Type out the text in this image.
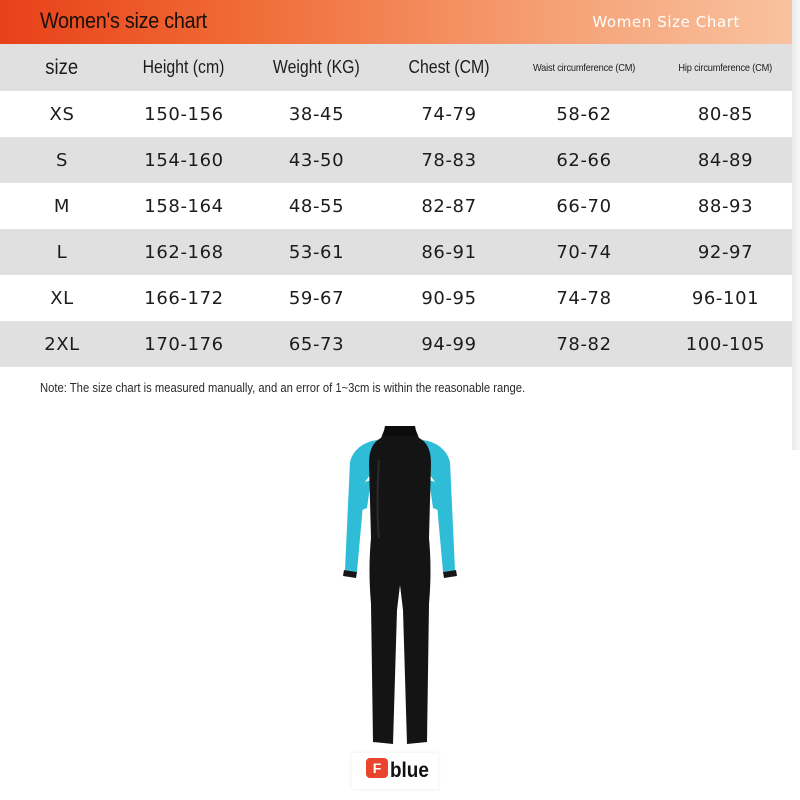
Women's size chart	Women Size Chart
size	Height (cm)	Weight (KG)	Chest (CM)	Waist circumference (CM)	Hip circumference (CM)
XS	150-156	38-45	74-79	58-62	80-85
S	154-160	43-50	78-83	62-66	84-89
M	158-164	48-55	82-87	66-70	88-93
L	162-168	53-61	86-91	70-74	92-97
XL	166-172	59-67	90-95	74-78	96-101
2XL	170-176	65-73	94-99	78-82	100-105
Note: The size chart is measured manually, and an error of 1~3cm is within the reasonable range.
F blue
